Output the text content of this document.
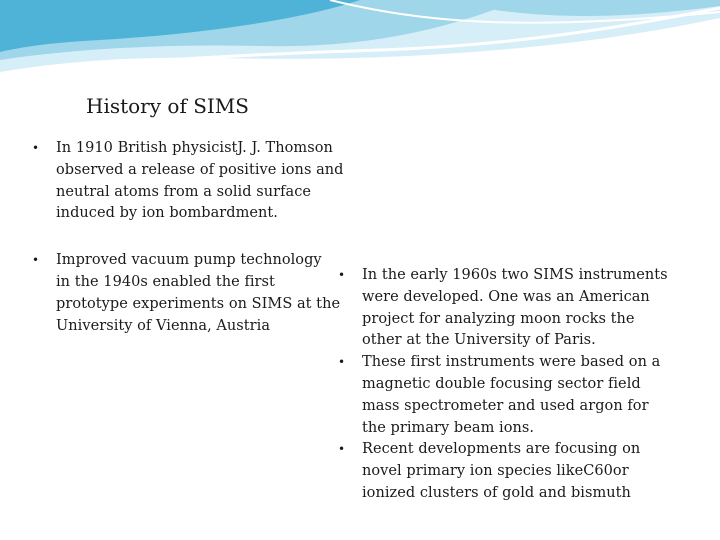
History of SIMS
• In 1910 British physicistJ. J. Thomson
observed a release of positive ions and
neutral atoms from a solid surface
induced by ion bombardment.
• Improved vacuum pump technology
in the 1940s enabled the first
prototype experiments on SIMS at the
University of Vienna, Austria
• In the early 1960s two SIMS instruments
were developed. One was an American
project for analyzing moon rocks the
other at the University of Paris.
• These first instruments were based on a
magnetic double focusing sector field
mass spectrometer and used argon for
the primary beam ions.
• Recent developments are focusing on
novel primary ion species likeC60or
ionized clusters of gold and bismuth
